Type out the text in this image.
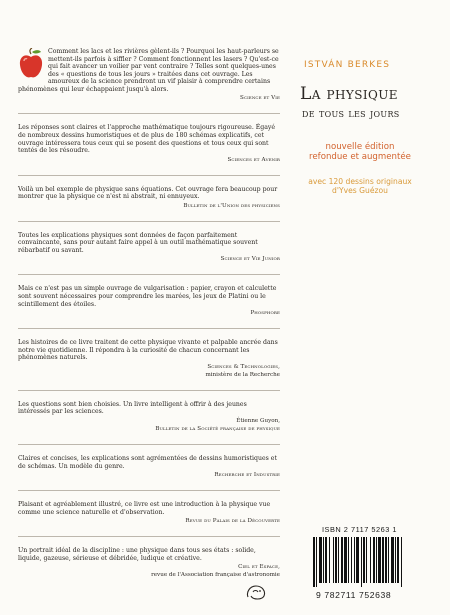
Comment les lacs et les rivières gèlent-ils ? Pourquoi les haut-parleurs se mettent-ils parfois à siffler ? Comment fonctionnent les lasers ? Qu'est-ce qui fait avancer un voilier par vent contraire ? Telles sont quelques-unes des « questions de tous les jours » traitées dans cet ouvrage. Les amoureux de la science prendront un vif plaisir à comprendre certains phénomènes qui leur échappaient jusqu'à alors.

Science et Vie

Les réponses sont claires et l'approche mathématique toujours rigoureuse. Égayé de nombreux dessins humoristiques et de plus de 180 schémas explicatifs, cet ouvrage intéressera tous ceux qui se posent des questions et tous ceux qui sont tentés de les résoudre.

Sciences et Avenir

Voilà un bel exemple de physique sans équations. Cet ouvrage fera beaucoup pour montrer que la physique ce n'est ni abstrait, ni ennuyeux.

Bulletin de l'Union des physiciens

Toutes les explications physiques sont données de façon parfaitement convaincante, sans pour autant faire appel à un outil mathématique souvent rébarbatif ou savant.

Science et Vie Junior

Mais ce n'est pas un simple ouvrage de vulgarisation : papier, crayon et calculette sont souvent nécessaires pour comprendre les marées, les jeux de Platini ou le scintillement des étoiles.

Phosphore

Les histoires de ce livre traitent de cette physique vivante et palpable ancrée dans notre vie quotidienne. Il répondra à la curiosité de chacun concernant les phénomènes naturels.

Sciences & Technologies,
ministère de la Recherche

Les questions sont bien choisies. Un livre intelligent à offrir à des jeunes intéressés par les sciences.

Étienne Guyon,
Bulletin de la Société française de physique

Claires et concises, les explications sont agrémentées de dessins humoristiques et de schémas. Un modèle du genre.

Recherche et Industrie

Plaisant et agréablement illustré, ce livre est une introduction à la physique vue comme une science naturelle et d'observation.

Revue du Palais de la Découverte

Un portrait idéal de la discipline : une physique dans tous ses états : solide, liquide, gazeuse, sérieuse et débridée, ludique et créative.

Ciel et Espace,
revue de l'Association française d'astronomie
ISTVÁN BERKES
La physique
de tous les jours
nouvelle édition
refondue et augmentée
avec 120 dessins originaux
d'Yves Guézou
ISBN 2 7117 5263 1
9 782711 752638
